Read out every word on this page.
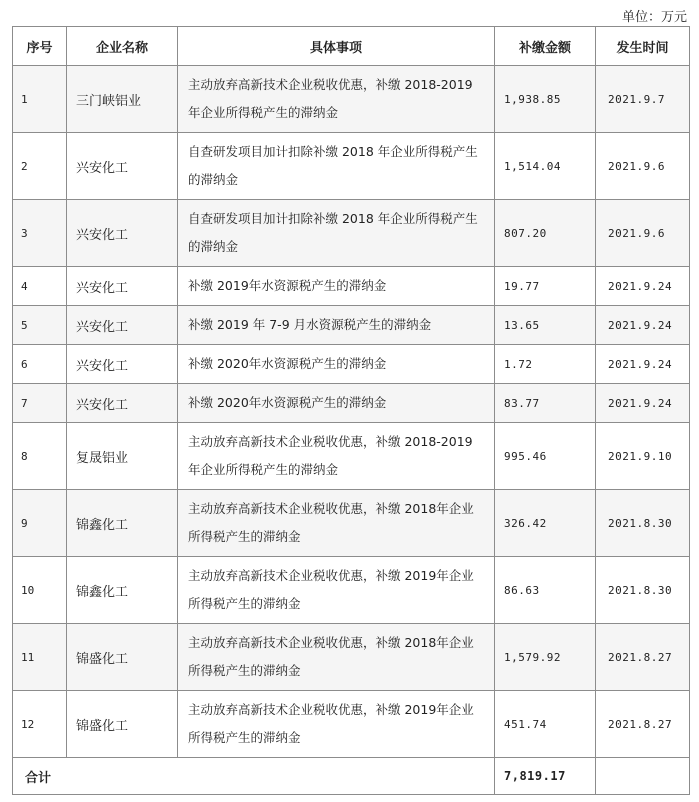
单位：万元
序号	企业名称	具体事项	补缴金额	发生时间
1	三门峡铝业	主动放弃高新技术企业税收优惠，补缴 2018-2019年企业所得税产生的滞纳金	1,938.85	2021.9.7
2	兴安化工	自查研发项目加计扣除补缴 2018 年企业所得税产生的滞纳金	1,514.04	2021.9.6
3	兴安化工	自查研发项目加计扣除补缴 2018 年企业所得税产生的滞纳金	807.20	2021.9.6
4	兴安化工	补缴 2019年水资源税产生的滞纳金	19.77	2021.9.24
5	兴安化工	补缴 2019 年 7-9 月水资源税产生的滞纳金	13.65	2021.9.24
6	兴安化工	补缴 2020年水资源税产生的滞纳金	1.72	2021.9.24
7	兴安化工	补缴 2020年水资源税产生的滞纳金	83.77	2021.9.24
8	复晟铝业	主动放弃高新技术企业税收优惠，补缴 2018-2019年企业所得税产生的滞纳金	995.46	2021.9.10
9	锦鑫化工	主动放弃高新技术企业税收优惠，补缴 2018年企业所得税产生的滞纳金	326.42	2021.8.30
10	锦鑫化工	主动放弃高新技术企业税收优惠，补缴 2019年企业所得税产生的滞纳金	86.63	2021.8.30
11	锦盛化工	主动放弃高新技术企业税收优惠，补缴 2018年企业所得税产生的滞纳金	1,579.92	2021.8.27
12	锦盛化工	主动放弃高新技术企业税收优惠，补缴 2019年企业所得税产生的滞纳金	451.74	2021.8.27
合计			7,819.17	
